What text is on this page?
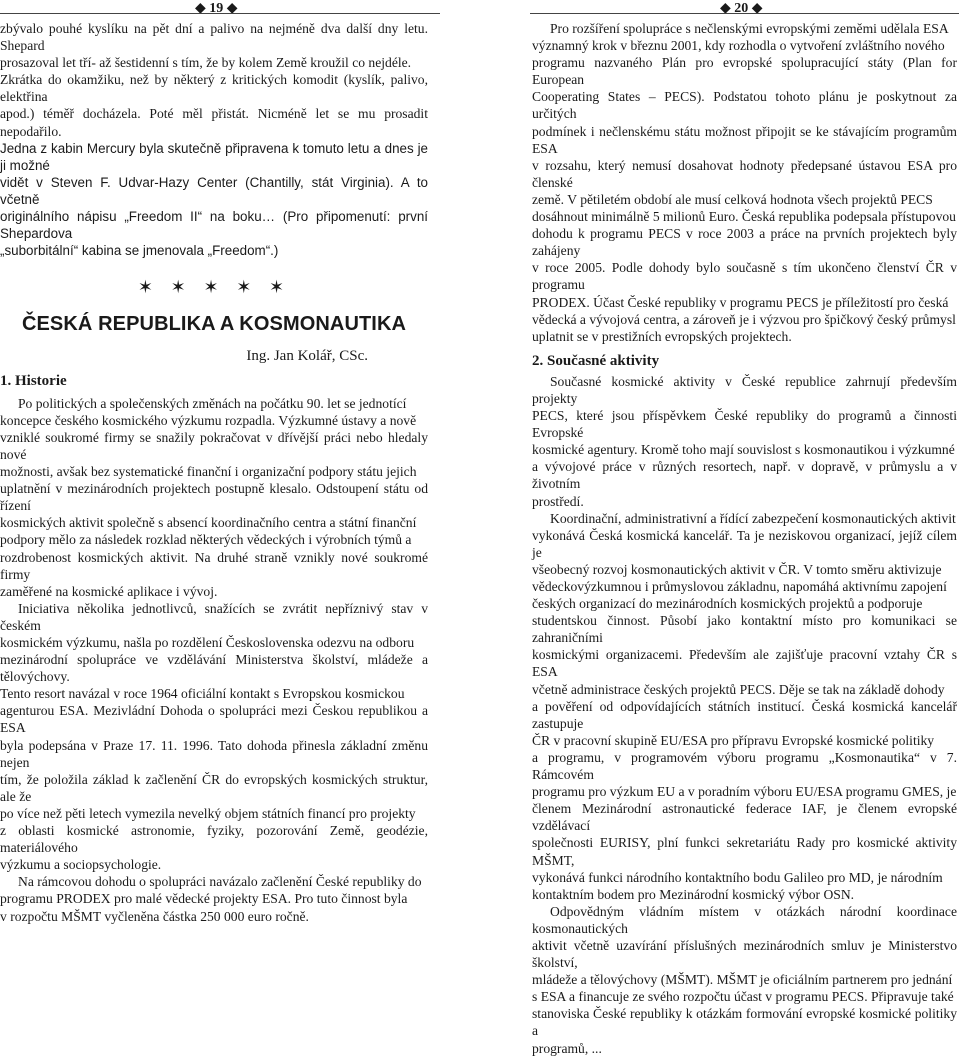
◆ 19 ◆

zbývalo pouhé kyslíku na pět dní a palivo na nejméně dva další dny letu. Shepard

prosazoval let tří- až šestidenní s tím, že by kolem Země kroužil co nejdéle.

Zkrátka do okamžiku, než by některý z kritických komodit (kyslík, palivo, elektřina

apod.) téměř docházela. Poté měl přistát. Nicméně let se mu prosadit nepodařilo.

Jedna z kabin Mercury byla skutečně připravena k tomuto letu a dnes je ji možné

vidět v Steven F. Udvar-Hazy Center (Chantilly, stát Virginia). A to včetně

originálního nápisu „Freedom II“ na boku… (Pro připomenutí: první Shepardova

„suborbitální“ kabina se jmenovala „Freedom“.)

✶ ✶ ✶ ✶ ✶
ČESKÁ REPUBLIKA A KOSMONAUTIKA
Ing. Jan Kolář, CSc.
1. Historie

Po politických a společenských změnách na počátku 90. let se jednotící

koncepce českého kosmického výzkumu rozpadla. Výzkumné ústavy a nově

vzniklé soukromé firmy se snažily pokračovat v dřívější práci nebo hledaly nové

možnosti, avšak bez systematické finanční i organizační podpory státu jejich

uplatnění v mezinárodních projektech postupně klesalo. Odstoupení státu od řízení

kosmických aktivit společně s absencí koordinačního centra a státní finanční

podpory mělo za následek rozklad některých vědeckých i výrobních týmů a

rozdrobenost kosmických aktivit. Na druhé straně vznikly nové soukromé firmy

zaměřené na kosmické aplikace i vývoj.

Iniciativa několika jednotlivců, snažících se zvrátit nepříznivý stav v českém

kosmickém výzkumu, našla po rozdělení Československa odezvu na odboru

mezinárodní spolupráce ve vzdělávání Ministerstva školství, mládeže a tělovýchovy.

Tento resort navázal v roce 1964 oficiální kontakt s Evropskou kosmickou

agenturou ESA. Mezivládní Dohoda o spolupráci mezi Českou republikou a ESA

byla podepsána v Praze 17. 11. 1996. Tato dohoda přinesla základní změnu nejen

tím, že položila základ k začlenění ČR do evropských kosmických struktur, ale že

po více než pěti letech vymezila nevelký objem státních financí pro projekty

z oblasti kosmické astronomie, fyziky, pozorování Země, geodézie, materiálového

výzkumu a sociopsychologie.

Na rámcovou dohodu o spolupráci navázalo začlenění České republiky do

programu PRODEX pro malé vědecké projekty ESA. Pro tuto činnost byla

v rozpočtu MŠMT vyčleněna částka 250 000 euro ročně.

◆ 20 ◆

Pro rozšíření spolupráce s nečlenskými evropskými zeměmi udělala ESA

významný krok v březnu 2001, kdy rozhodla o vytvoření zvláštního nového

programu nazvaného Plán pro evropské spolupracující státy (Plan for European

Cooperating States – PECS). Podstatou tohoto plánu je poskytnout za určitých

podmínek i nečlenskému státu možnost připojit se ke stávajícím programům ESA

v rozsahu, který nemusí dosahovat hodnoty předepsané ústavou ESA pro členské

země. V pětiletém období ale musí celková hodnota všech projektů PECS

dosáhnout minimálně 5 milionů Euro. Česká republika podepsala přístupovou

dohodu k programu PECS v roce 2003 a práce na prvních projektech byly zahájeny

v roce 2005. Podle dohody bylo současně s tím ukončeno členství ČR v programu

PRODEX. Účast České republiky v programu PECS je příležitostí pro česká

vědecká a vývojová centra, a zároveň je i výzvou pro špičkový český průmysl

uplatnit se v prestižních evropských projektech.

2. Současné aktivity

Současné kosmické aktivity v České republice zahrnují především projekty

PECS, které jsou příspěvkem České republiky do programů a činnosti Evropské

kosmické agentury. Kromě toho mají souvislost s kosmonautikou i výzkumné

a vývojové práce v různých resortech, např. v dopravě, v průmyslu a v životním

prostředí.

Koordinační, administrativní a řídící zabezpečení kosmonautických aktivit

vykonává Česká kosmická kancelář. Ta je neziskovou organizací, jejíž cílem je

všeobecný rozvoj kosmonautických aktivit v ČR. V tomto směru aktivizuje

vědeckovýzkumnou i průmyslovou základnu, napomáhá aktivnímu zapojení

českých organizací do mezinárodních kosmických projektů a podporuje

studentskou činnost. Působí jako kontaktní místo pro komunikaci se zahraničními

kosmickými organizacemi. Především ale zajišťuje pracovní vztahy ČR s ESA

včetně administrace českých projektů PECS. Děje se tak na základě dohody

a pověření od odpovídajících státních institucí. Česká kosmická kancelář zastupuje

ČR v pracovní skupině EU/ESA pro přípravu Evropské kosmické politiky

a programu, v programovém výboru programu „Kosmonautika“ v 7. Rámcovém

programu pro výzkum EU a v poradním výboru EU/ESA programu GMES, je

členem Mezinárodní astronautické federace IAF, je členem evropské vzdělávací

společnosti EURISY, plní funkci sekretariátu Rady pro kosmické aktivity MŠMT,

vykonává funkci národního kontaktního bodu Galileo pro MD, je národním

kontaktním bodem pro Mezinárodní kosmický výbor OSN.

Odpovědným vládním místem v otázkách národní koordinace kosmonautických

aktivit včetně uzavírání příslušných mezinárodních smluv je Ministerstvo školství,

mládeže a tělovýchovy (MŠMT). MŠMT je oficiálním partnerem pro jednání

s ESA a financuje ze svého rozpočtu účast v programu PECS. Připravuje také

stanoviska České republiky k otázkám formování evropské kosmické politiky a

programů, ...
